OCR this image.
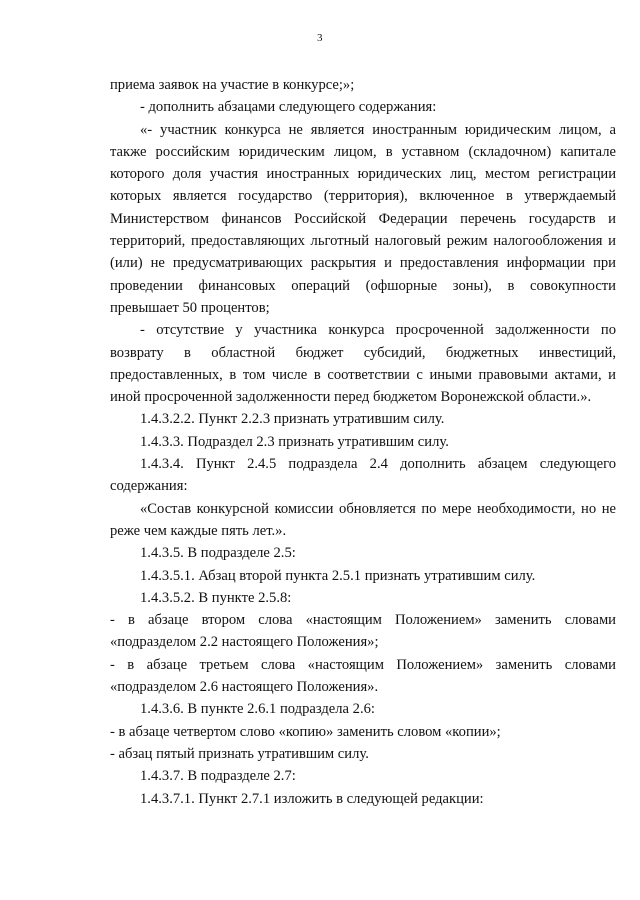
3

приема заявок на участие в конкурсе;»;

- дополнить абзацами следующего содержания:

«- участник конкурса не является иностранным юридическим лицом, а также российским юридическим лицом, в уставном (складочном) капитале которого доля участия иностранных юридических лиц, местом регистрации которых является государство (территория), включенное в утверждаемый Министерством финансов Российской Федерации перечень государств и территорий, предоставляющих льготный налоговый режим налогообложения и (или) не предусматривающих раскрытия и предоставления информации при проведении финансовых операций (офшорные зоны), в совокупности превышает 50 процентов;

- отсутствие у участника конкурса просроченной задолженности по возврату в областной бюджет субсидий, бюджетных инвестиций, предоставленных, в том числе в соответствии с иными правовыми актами, и иной просроченной задолженности перед бюджетом Воронежской области.».

1.4.3.2.2. Пункт 2.2.3 признать утратившим силу.

1.4.3.3. Подраздел 2.3 признать утратившим силу.

1.4.3.4. Пункт 2.4.5 подраздела 2.4 дополнить абзацем следующего содержания:

«Состав конкурсной комиссии обновляется по мере необходимости, но не реже чем каждые пять лет.».

1.4.3.5. В подразделе 2.5:

1.4.3.5.1. Абзац второй пункта 2.5.1 признать утратившим силу.

1.4.3.5.2. В пункте 2.5.8:

- в абзаце втором слова «настоящим Положением» заменить словами «подразделом 2.2 настоящего Положения»;

- в абзаце третьем слова «настоящим Положением» заменить словами «подразделом 2.6 настоящего Положения».

1.4.3.6. В пункте 2.6.1 подраздела 2.6:

- в абзаце четвертом слово «копию» заменить словом «копии»;

- абзац пятый признать утратившим силу.

1.4.3.7. В подразделе 2.7:

1.4.3.7.1. Пункт 2.7.1 изложить в следующей редакции:
